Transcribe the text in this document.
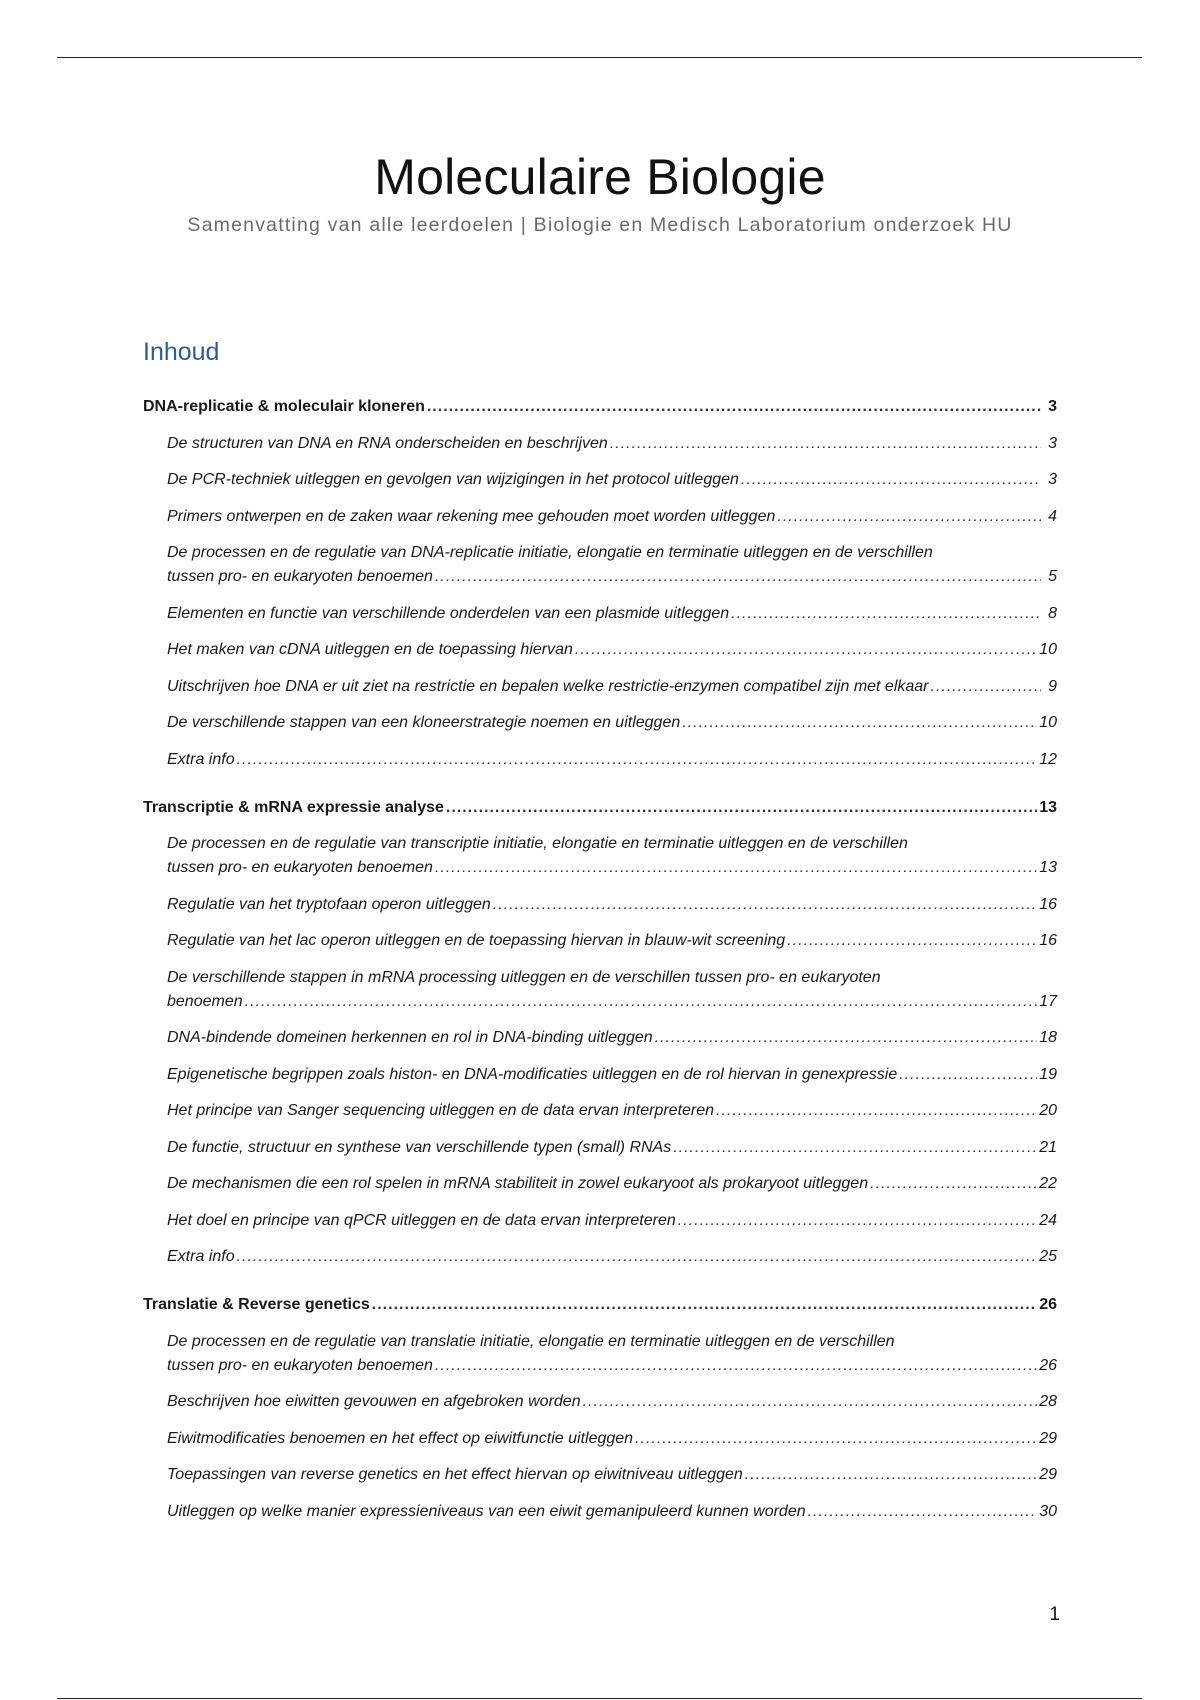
Moleculaire Biologie
Samenvatting van alle leerdoelen | Biologie en Medisch Laboratorium onderzoek HU
Inhoud
DNA-replicatie & moleculair kloneren .....	3
De structuren van DNA en RNA onderscheiden en beschrijven .....	3
De PCR-techniek uitleggen en gevolgen van wijzigingen in het protocol uitleggen .....	3
Primers ontwerpen en de zaken waar rekening mee gehouden moet worden uitleggen .....	4
De processen en de regulatie van DNA-replicatie initiatie, elongatie en terminatie uitleggen en de verschillen
tussen pro- en eukaryoten benoemen .....	5
Elementen en functie van verschillende onderdelen van een plasmide uitleggen .....	8
Het maken van cDNA uitleggen en de toepassing hiervan .....	10
Uitschrijven hoe DNA er uit ziet na restrictie en bepalen welke restrictie-enzymen compatibel zijn met elkaar .....	9
De verschillende stappen van een kloneerstrategie noemen en uitleggen .....	10
Extra info .....	12
Transcriptie & mRNA expressie analyse .....	13
De processen en de regulatie van transcriptie initiatie, elongatie en terminatie uitleggen en de verschillen
tussen pro- en eukaryoten benoemen .....	13
Regulatie van het tryptofaan operon uitleggen .....	16
Regulatie van het lac operon uitleggen en de toepassing hiervan in blauw-wit screening .....	16
De verschillende stappen in mRNA processing uitleggen en de verschillen tussen pro- en eukaryoten
benoemen .....	17
DNA-bindende domeinen herkennen en rol in DNA-binding uitleggen .....	18
Epigenetische begrippen zoals histon- en DNA-modificaties uitleggen en de rol hiervan in genexpressie .....	19
Het principe van Sanger sequencing uitleggen en de data ervan interpreteren .....	20
De functie, structuur en synthese van verschillende typen (small) RNAs .....	21
De mechanismen die een rol spelen in mRNA stabiliteit in zowel eukaryoot als prokaryoot uitleggen .....	22
Het doel en principe van qPCR uitleggen en de data ervan interpreteren .....	24
Extra info .....	25
Translatie & Reverse genetics .....	26
De processen en de regulatie van translatie initiatie, elongatie en terminatie uitleggen en de verschillen
tussen pro- en eukaryoten benoemen .....	26
Beschrijven hoe eiwitten gevouwen en afgebroken worden .....	28
Eiwitmodificaties benoemen en het effect op eiwitfunctie uitleggen .....	29
Toepassingen van reverse genetics en het effect hiervan op eiwitniveau uitleggen .....	29
Uitleggen op welke manier expressieniveaus van een eiwit gemanipuleerd kunnen worden .....	30
1
